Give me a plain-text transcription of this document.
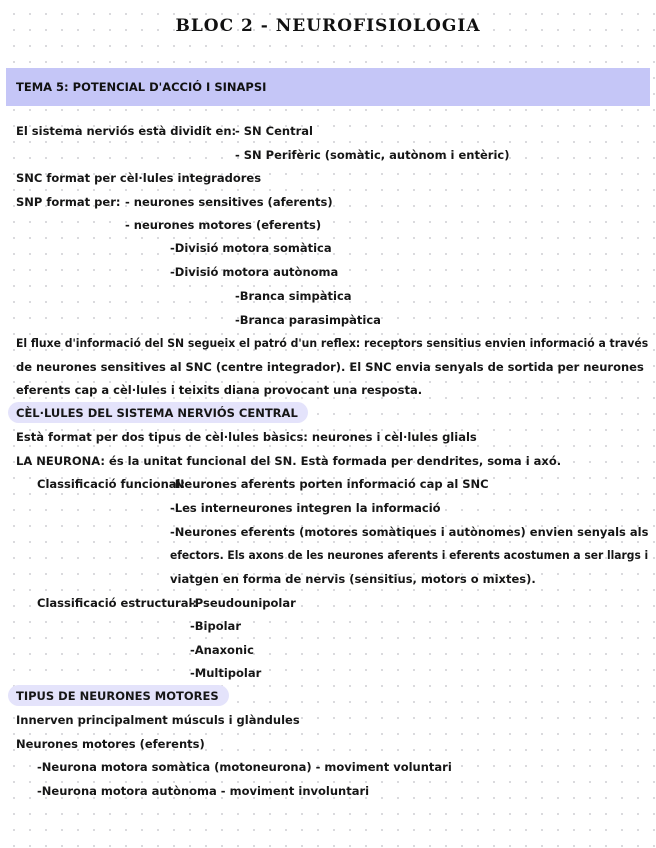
BLOC 2 - NEUROFISIOLOGIA
TEMA 5: POTENCIAL D'ACCIÓ I SINAPSI
El sistema nerviós està dividit en:
- SN Central
- SN Perifèric (somàtic, autònom i entèric)
SNC format per cèl·lules integradores
SNP format per: - neurones sensitives (aferents)
- neurones motores (eferents)
-Divisió motora somàtica
-Divisió motora autònoma
-Branca simpàtica
-Branca parasimpàtica
El fluxe d'informació del SN segueix el patró d'un reflex: receptors sensitius envien informació a través
de neurones sensitives al SNC (centre integrador). El SNC envia senyals de sortida per neurones
eferents cap a cèl·lules i teixits diana provocant una resposta.
CÈL·LULES DEL SISTEMA NERVIÓS CENTRAL
Està format per dos tipus de cèl·lules bàsics: neurones i cèl·lules glials
LA NEURONA: és la unitat funcional del SN. Està formada per dendrites, soma i axó.
Classificació funcional:
-Neurones aferents porten informació cap al SNC
-Les interneurones integren la informació
-Neurones eferents (motores somàtiques i autònomes) envien senyals als
efectors. Els axons de les neurones aferents i eferents acostumen a ser llargs i
viatgen en forma de nervis (sensitius, motors o mixtes).
Classificació estructural:
-Pseudounipolar
-Bipolar
-Anaxonic
-Multipolar
TIPUS DE NEURONES MOTORES
Innerven principalment músculs i glàndules
Neurones motores (eferents)
-Neurona motora somàtica (motoneurona) - moviment voluntari
-Neurona motora autònoma - moviment involuntari
